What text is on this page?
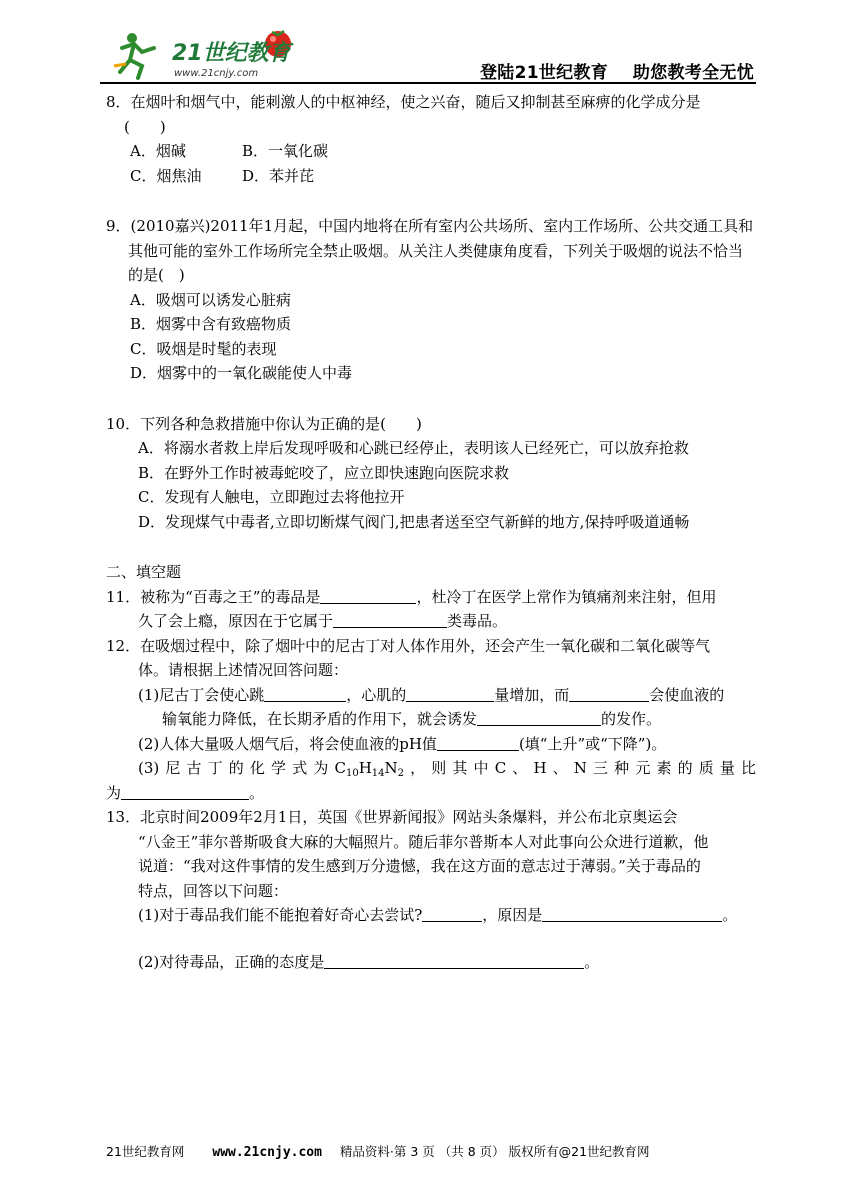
21世纪教育
www.21cnjy.com	登陆21世纪教育    助您教考全无忧

8．在烟叶和烟气中，能刺激人的中枢神经，使之兴奋，随后又抑制甚至麻痹的化学成分是

(　　)

A．烟碱	B．一氧化碳

C．烟焦油	D．苯并芘

9．(2010嘉兴)2011年1月起，中国内地将在所有室内公共场所、室内工作场所、公共交通工具和其他可能的室外工作场所完全禁止吸烟。从关注人类健康角度看，下列关于吸烟的说法不恰当的是(　)

A．吸烟可以诱发心脏病

B．烟雾中含有致癌物质

C．吸烟是时髦的表现

D．烟雾中的一氧化碳能使人中毒

10．下列各种急救措施中你认为正确的是(　　)

A．将溺水者救上岸后发现呼吸和心跳已经停止，表明该人已经死亡，可以放弃抢救

B．在野外工作时被毒蛇咬了，应立即快速跑向医院求救

C．发现有人触电，立即跑过去将他拉开

D．发现煤气中毒者,立即切断煤气阀门,把患者送至空气新鲜的地方,保持呼吸道通畅

二、填空题

11．被称为“百毒之王”的毒品是	，杜冷丁在医学上常作为镇痛剂来注射，但用

久了会上瘾，原因在于它属于	类毒品。

12．在吸烟过程中，除了烟叶中的尼古丁对人体作用外，还会产生一氧化碳和二氧化碳等气

体。请根据上述情况回答问题：

(1)尼古丁会使心跳	，心肌的	量增加，而	会使血液的

输氧能力降低，在长期矛盾的作用下，就会诱发	的发作。

(2)人体大量吸人烟气后，将会使血液的pH值	(填“上升”或“下降”)。

(3)尼古丁的化学式为$C_{10}H_{14}N_2$，则其中C、H、N三种元素的质量比

为	。

13．北京时间2009年2月1日，英国《世界新闻报》网站头条爆料，并公布北京奥运会

“八金王”菲尔普斯吸食大麻的大幅照片。随后菲尔普斯本人对此事向公众进行道歉，他

说道：“我对这件事情的发生感到万分遗憾，我在这方面的意志过于薄弱。”关于毒品的

特点，回答以下问题：

(1)对于毒品我们能不能抱着好奇心去尝试?	，原因是	。

(2)对待毒品，正确的态度是	。

21世纪教育网 www.21cnjy.com 精品资料·第 3 页 （共 8 页） 版权所有@21世纪教育网
